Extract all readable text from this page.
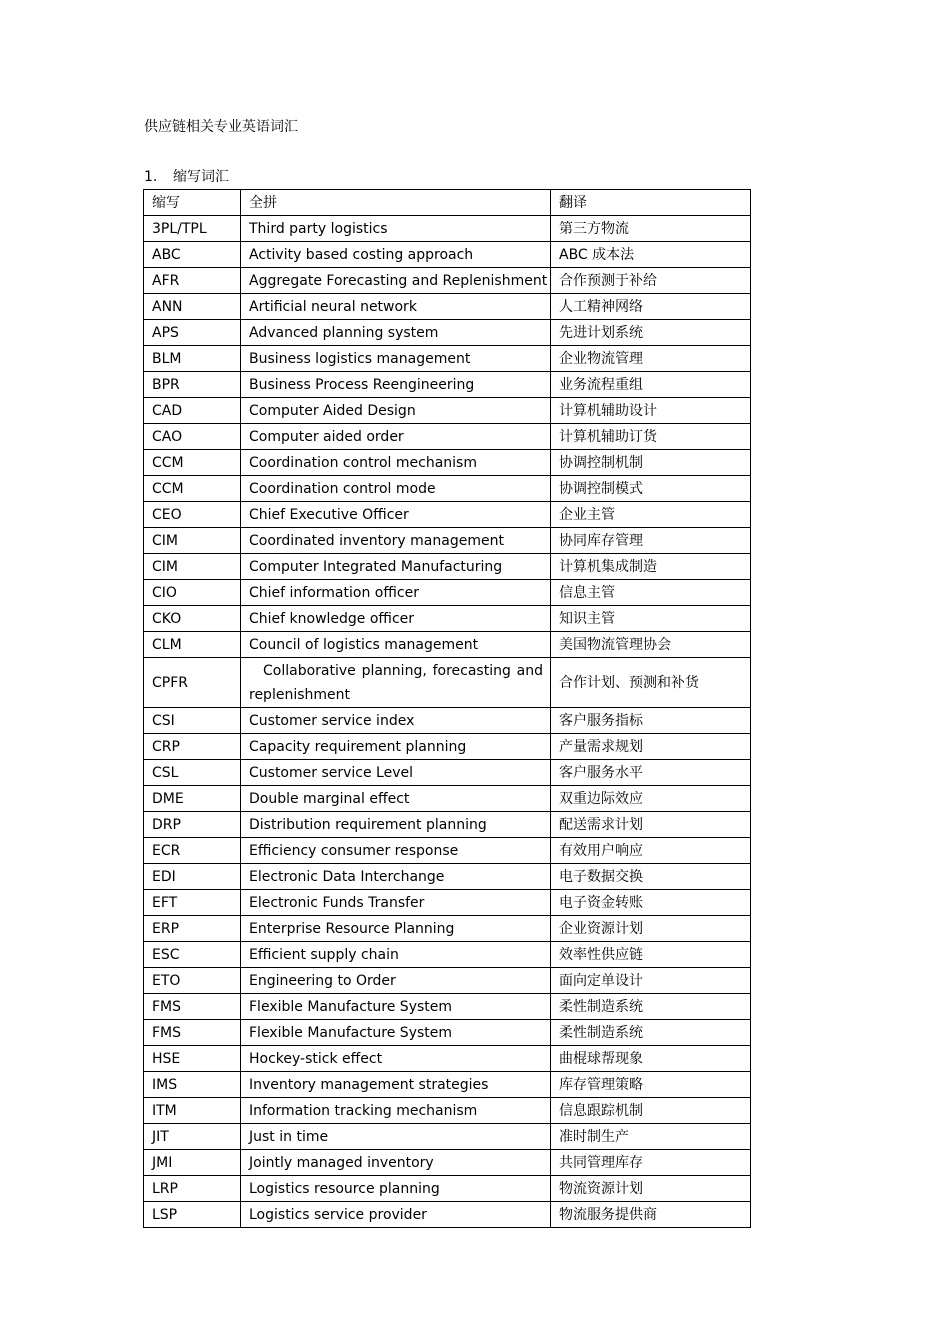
供应链相关专业英语词汇
1. 缩写词汇
缩写	全拼	翻译
3PL/TPL	Third party logistics	第三方物流
ABC	Activity based costing approach	ABC 成本法
AFR	Aggregate Forecasting and Replenishment	合作预测于补给
ANN	Artificial neural network	人工精神网络
APS	Advanced planning system	先进计划系统
BLM	Business logistics management	企业物流管理
BPR	Business Process Reengineering	业务流程重组
CAD	Computer Aided Design	计算机辅助设计
CAO	Computer aided order	计算机辅助订货
CCM	Coordination control mechanism	协调控制机制
CCM	Coordination control mode	协调控制模式
CEO	Chief Executive Officer	企业主管
CIM	Coordinated inventory management	协同库存管理
CIM	Computer Integrated Manufacturing	计算机集成制造
CIO	Chief information officer	信息主管
CKO	Chief knowledge officer	知识主管
CLM	Council of logistics management	美国物流管理协会
CPFR	Collaborative planning, forecasting and replenishment	合作计划、预测和补货
CSI	Customer service index	客户服务指标
CRP	Capacity requirement planning	产量需求规划
CSL	Customer service Level	客户服务水平
DME	Double marginal effect	双重边际效应
DRP	Distribution requirement planning	配送需求计划
ECR	Efficiency consumer response	有效用户响应
EDI	Electronic Data Interchange	电子数据交换
EFT	Electronic Funds Transfer	电子资金转账
ERP	Enterprise Resource Planning	企业资源计划
ESC	Efficient supply chain	效率性供应链
ETO	Engineering to Order	面向定单设计
FMS	Flexible Manufacture System	柔性制造系统
FMS	Flexible Manufacture System	柔性制造系统
HSE	Hockey-stick effect	曲棍球帮现象
IMS	Inventory management strategies	库存管理策略
ITM	Information tracking mechanism	信息跟踪机制
JIT	Just in time	准时制生产
JMI	Jointly managed inventory	共同管理库存
LRP	Logistics resource planning	物流资源计划
LSP	Logistics service provider	物流服务提供商
